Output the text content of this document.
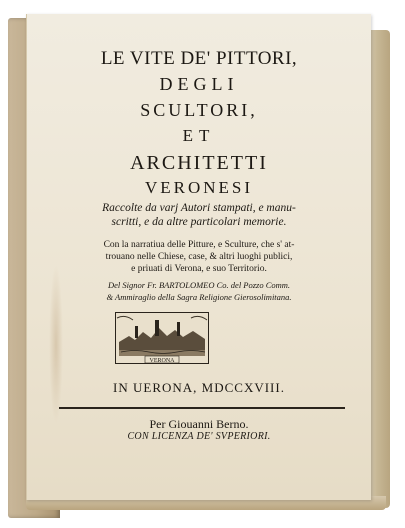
LE VITE DE' PITTORI,
DEGLI
SCULTORI,
ET
ARCHITETTI
VERONESI
Raccolte da varj Autori stampati, e manu-
scritti, e da altre particolari memorie.
Con la narratiua delle Pitture, e Sculture, che s' at-
trouano nelle Chiese, case, & altri luoghi publici,
e priuati di Verona, e suo Territorio.
Del Signor Fr. BARTOLOMEO Co. del Pozzo Comm.
& Ammiraglio della Sagra Religione Gierosolimitana.
VERONA
IN UERONA, MDCCXVIII.
Per Giouanni Berno.
CON LICENZA DE' SVPERIORI.
